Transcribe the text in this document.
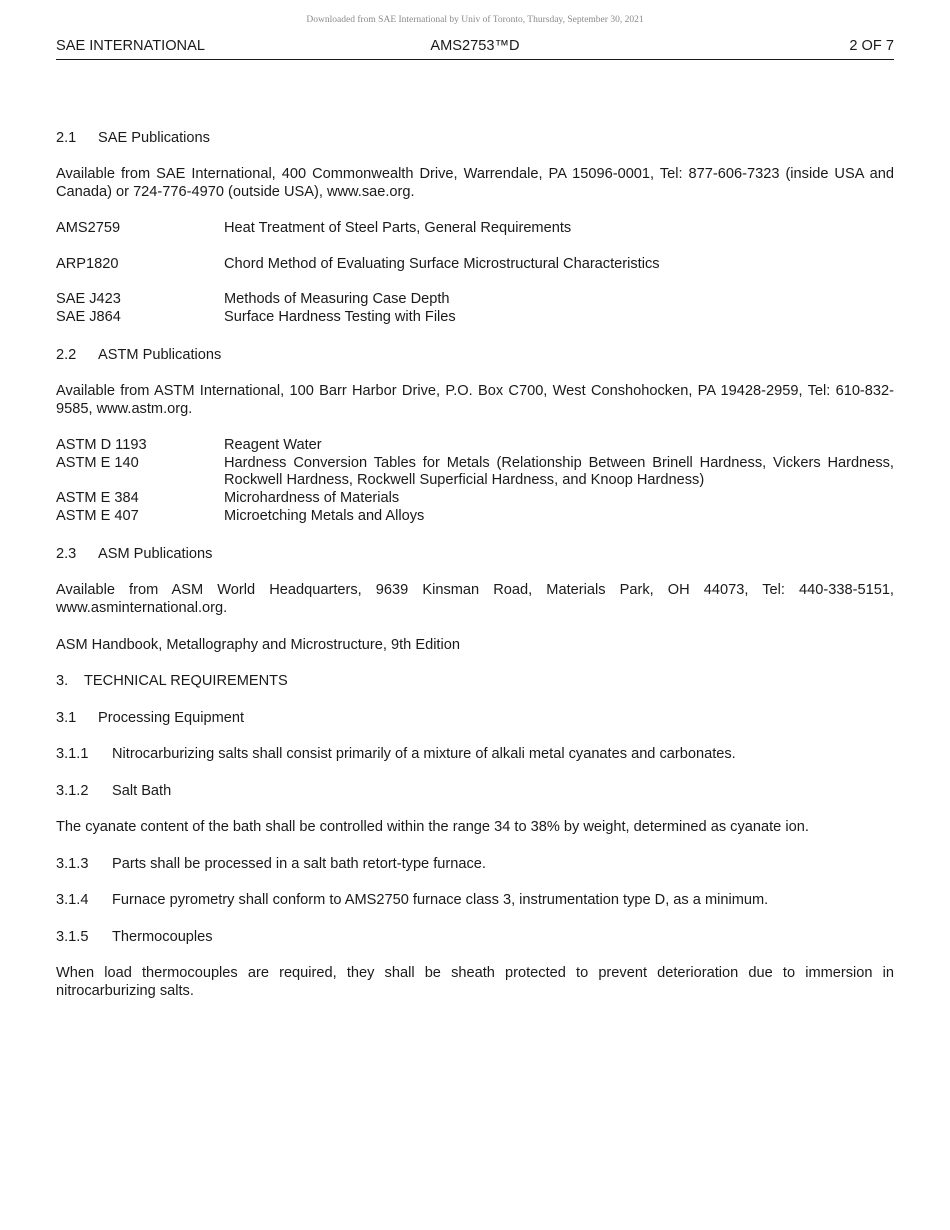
Downloaded from SAE International by Univ of Toronto, Thursday, September 30, 2021
SAE INTERNATIONAL	AMS2753™D	2 OF 7
2.1 SAE Publications
Available from SAE International, 400 Commonwealth Drive, Warrendale, PA 15096-0001, Tel: 877-606-7323 (inside USA and Canada) or 724-776-4970 (outside USA), www.sae.org.
AMS2759	Heat Treatment of Steel Parts, General Requirements
ARP1820	Chord Method of Evaluating Surface Microstructural Characteristics
SAE J423	Methods of Measuring Case Depth
SAE J864	Surface Hardness Testing with Files
2.2 ASTM Publications
Available from ASTM International, 100 Barr Harbor Drive, P.O. Box C700, West Conshohocken, PA 19428-2959, Tel: 610-832-9585, www.astm.org.
ASTM D 1193	Reagent Water
ASTM E 140	Hardness Conversion Tables for Metals (Relationship Between Brinell Hardness, Vickers Hardness, Rockwell Hardness, Rockwell Superficial Hardness, and Knoop Hardness)
ASTM E 384	Microhardness of Materials
ASTM E 407	Microetching Metals and Alloys
2.3 ASM Publications
Available from ASM World Headquarters, 9639 Kinsman Road, Materials Park, OH 44073, Tel: 440-338-5151, www.asminternational.org.
ASM Handbook, Metallography and Microstructure, 9th Edition
3. TECHNICAL REQUIREMENTS
3.1 Processing Equipment
3.1.1 Nitrocarburizing salts shall consist primarily of a mixture of alkali metal cyanates and carbonates.
3.1.2 Salt Bath
The cyanate content of the bath shall be controlled within the range 34 to 38% by weight, determined as cyanate ion.
3.1.3 Parts shall be processed in a salt bath retort-type furnace.
3.1.4 Furnace pyrometry shall conform to AMS2750 furnace class 3, instrumentation type D, as a minimum.
3.1.5 Thermocouples
When load thermocouples are required, they shall be sheath protected to prevent deterioration due to immersion in nitrocarburizing salts.
